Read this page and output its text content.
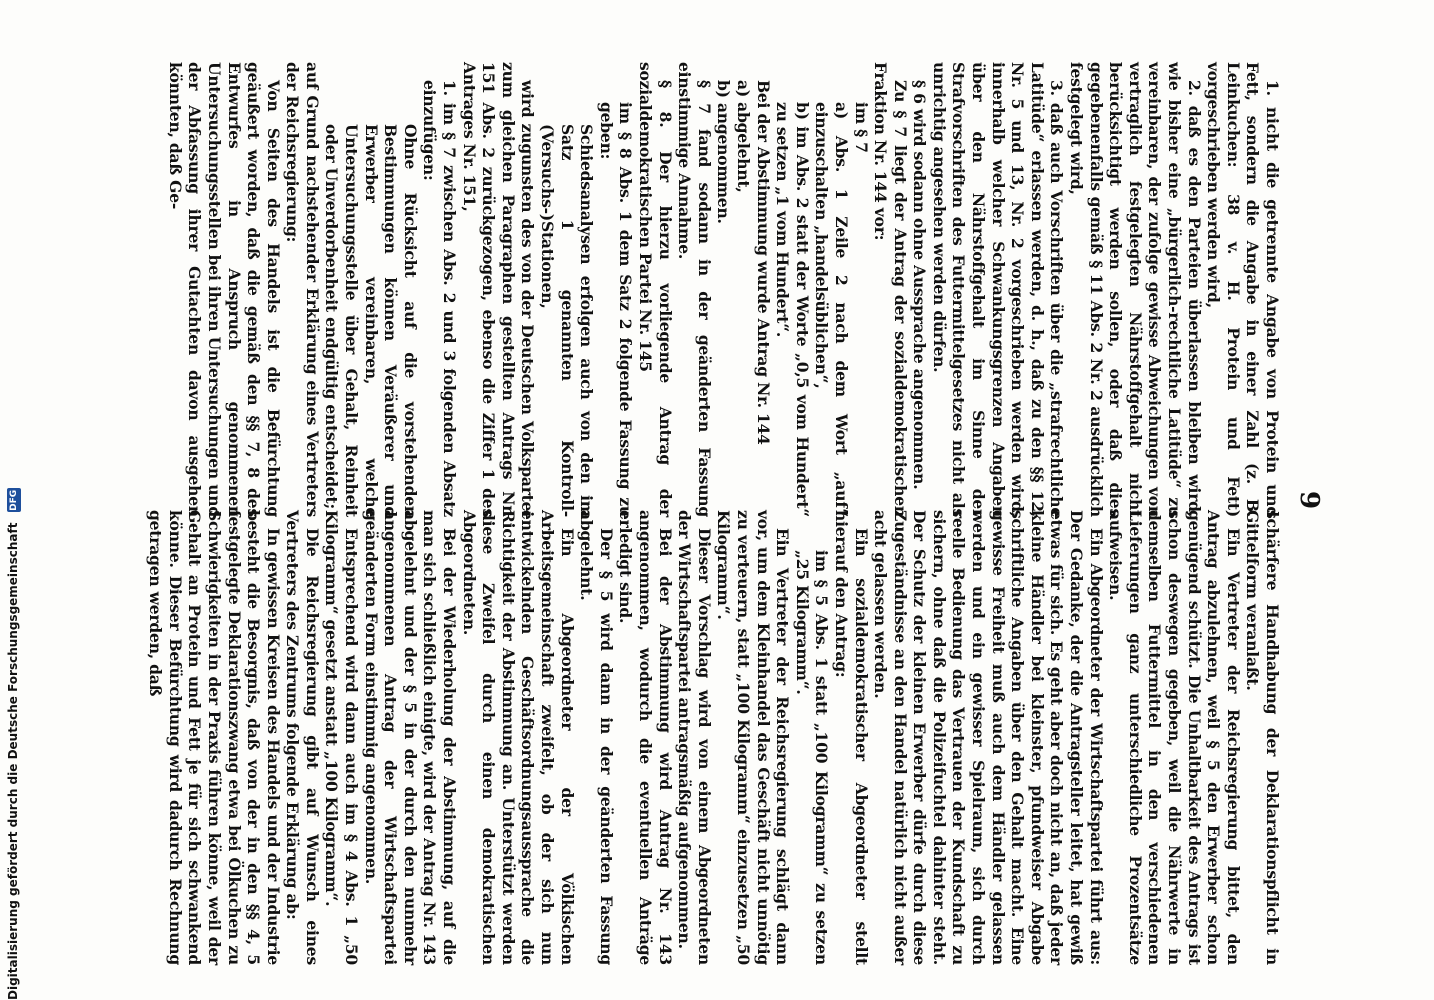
9

1. nicht die getrennte Angabe von Protein und Fett, sondern die Angabe in einer Zahl (z. B. Leinkuchen: 38 v. H. Protein und Fett) vorgeschrieben werden wird,

2. daß es den Parteien überlassen bleiben wird, wie bisher eine „bürgerlich-rechtliche Latitüde“ zu vereinbaren, der zufolge gewisse Abweichungen von vertraglich festgelegten Nährstoffgehalt nicht berücksichtigt werden sollen, oder daß dies gegebenenfalls gemäß § 11 Abs. 2 Nr. 2 ausdrücklich festgelegt wird,

3. daß auch Vorschriften über die „strafrechtliche Latitüde“ erlassen werden, d. h., daß zu den §§ 12, Nr. 5 und 13, Nr. 2 vorgeschrieben werden wird, innerhalb welcher Schwankungsgrenzen Angaben über den Nährstoffgehalt im Sinne der Strafvorschriften des Futtermittelgesetzes nicht als unrichtig angesehen werden dürfen.

§ 6 wird sodann ohne Aussprache angenommen.

Zu § 7 liegt der Antrag der sozialdemokratischen Fraktion Nr. 144 vor:

im § 7

a) Abs. 1 Zeile 2 nach dem Wort „auf“ einzuschalten „handelsüblichen“,

b) im Abs. 2 statt der Worte „0,5 vom Hundert“ zu setzen „1 vom Hundert“.

Bei der Abstimmung wurde Antrag Nr. 144

a) abgelehnt,

b) angenommen.

§ 7 fand sodann in der geänderten Fassung einstimmige Annahme.

§ 8. Der hierzu vorliegende Antrag der sozialdemokratischen Partei Nr. 145

im § 8 Abs. 1 dem Satz 2 folgende Fassung zu geben:

Schiedsanalysen erfolgen auch von den im Satz 1 genannten Kontroll-(Versuchs-)Stationen,

wird zugunsten des von der Deutschen Volkspartei zum gleichen Paragraphen gestellten Antrags Nr. 151 Abs. 2 zurückgezogen, ebenso die Ziffer 1 des Antrages Nr. 151,

1. im § 7 zwischen Abs. 2 und 3 folgenden Absatz einzufügen:

Ohne Rücksicht auf die vorstehenden Bestimmungen können Veräußerer und Erwerber vereinbaren, welche Untersuchungsstelle über Gehalt, Reinheit oder Unverdorbenheit endgültig entscheidet;

auf Grund nachstehender Erklärung eines Vertreters der Reichsregierung:

Von Seiten des Handels ist die Befürchtung geäußert worden, daß die gemäß den §§ 7, 8 des Entwurfes in Anspruch genommenen Untersuchungsstellen bei ihren Untersuchungen und der Abfassung ihrer Gutachten davon ausgehen könnten, daß Ge-

schärfere Handhabung der Deklarationspflicht in Gittelform veranlaßt.

Ein Vertreter der Reichsregierung bittet, den Antrag abzulehnen, weil § 5 den Erwerber schon genügend schützt. Die Unhaltbarkeit des Antrags ist schon deswegen gegeben, weil die Nährwerte in demselben Futtermittel in den verschiedenen Lieferungen ganz unterschiedliche Prozentsätze aufweisen.

Ein Abgeordneter der Wirtschaftspartei führt aus: Der Gedanke, der die Antragsteller leitet, hat gewiß etwas für sich. Es geht aber doch nicht an, daß jeder kleine Händler bei kleinster, pfundweiser Abgabe schriftliche Angaben über den Gehalt macht. Eine gewisse Freiheit muß auch dem Händler gelassen werden und ein gewisser Spielraum, sich durch reelle Bedienung das Vertrauen der Kundschaft zu sichern, ohne daß die Polizeifuchtel dahinter steht. Der Schutz der kleinen Erwerber dürfe durch diese Zugeständnisse an den Handel natürlich nicht außer acht gelassen werden.

Ein sozialdemokratischer Abgeordneter stellt hierauf den Antrag:

im § 5 Abs. 1 statt „100 Kilogramm“ zu setzen „25 Kilogramm“.

Ein Vertreter der Reichsregierung schlägt dann vor, um dem Kleinhandel das Geschäft nicht unnötig zu verteuern, statt „100 Kilogramm“ einzusetzen „50 Kilogramm“.

Dieser Vorschlag wird von einem Abgeordneten der Wirtschaftspartei antragsmäßig aufgenommen.

Bei der Abstimmung wird Antrag Nr. 143 angenommen, wodurch die eventuellen Anträge erledigt sind.

Der § 5 wird dann in der geänderten Fassung abgelehnt.

Ein Abgeordneter der Völkischen Arbeitsgemeinschaft zweifelt, ob der sich nun entwickelnden Geschäftsordnungsaussprache die Richtigkeit der Abstimmung an. Unterstützt werden diese Zweifel durch einen demokratischen Abgeordneten.

Bei der Wiederholung der Abstimmung, auf die man sich schließlich einigte, wird der Antrag Nr. 143 abgelehnt und der § 5 in der durch den nunmehr angenommenen Antrag der Wirtschaftspartei geänderten Form einstimmig angenommen.

Entsprechend wird dann auch im § 4 Abs. 1 „50 Kilogramm“ gesetzt anstatt „100 Kilogramm“.

Die Reichsregierung gibt auf Wunsch eines Vertreters des Zentrums folgende Erklärung ab:

In gewissen Kreisen des Handels und der Industrie besteht die Besorgnis, daß von der in den §§ 4, 5 festgelegte Deklarationszwang etwa bei Ölkuchen zu Schwierigkeiten in der Praxis führen könne, weil der Gehalt an Protein und Fett je für sich schwankend könne. Dieser Befürchtung wird dadurch Rechnung getragen werden, daß

Digitalisierung gefördert durch die Deutsche Forschungsgemeinschaft DFG
